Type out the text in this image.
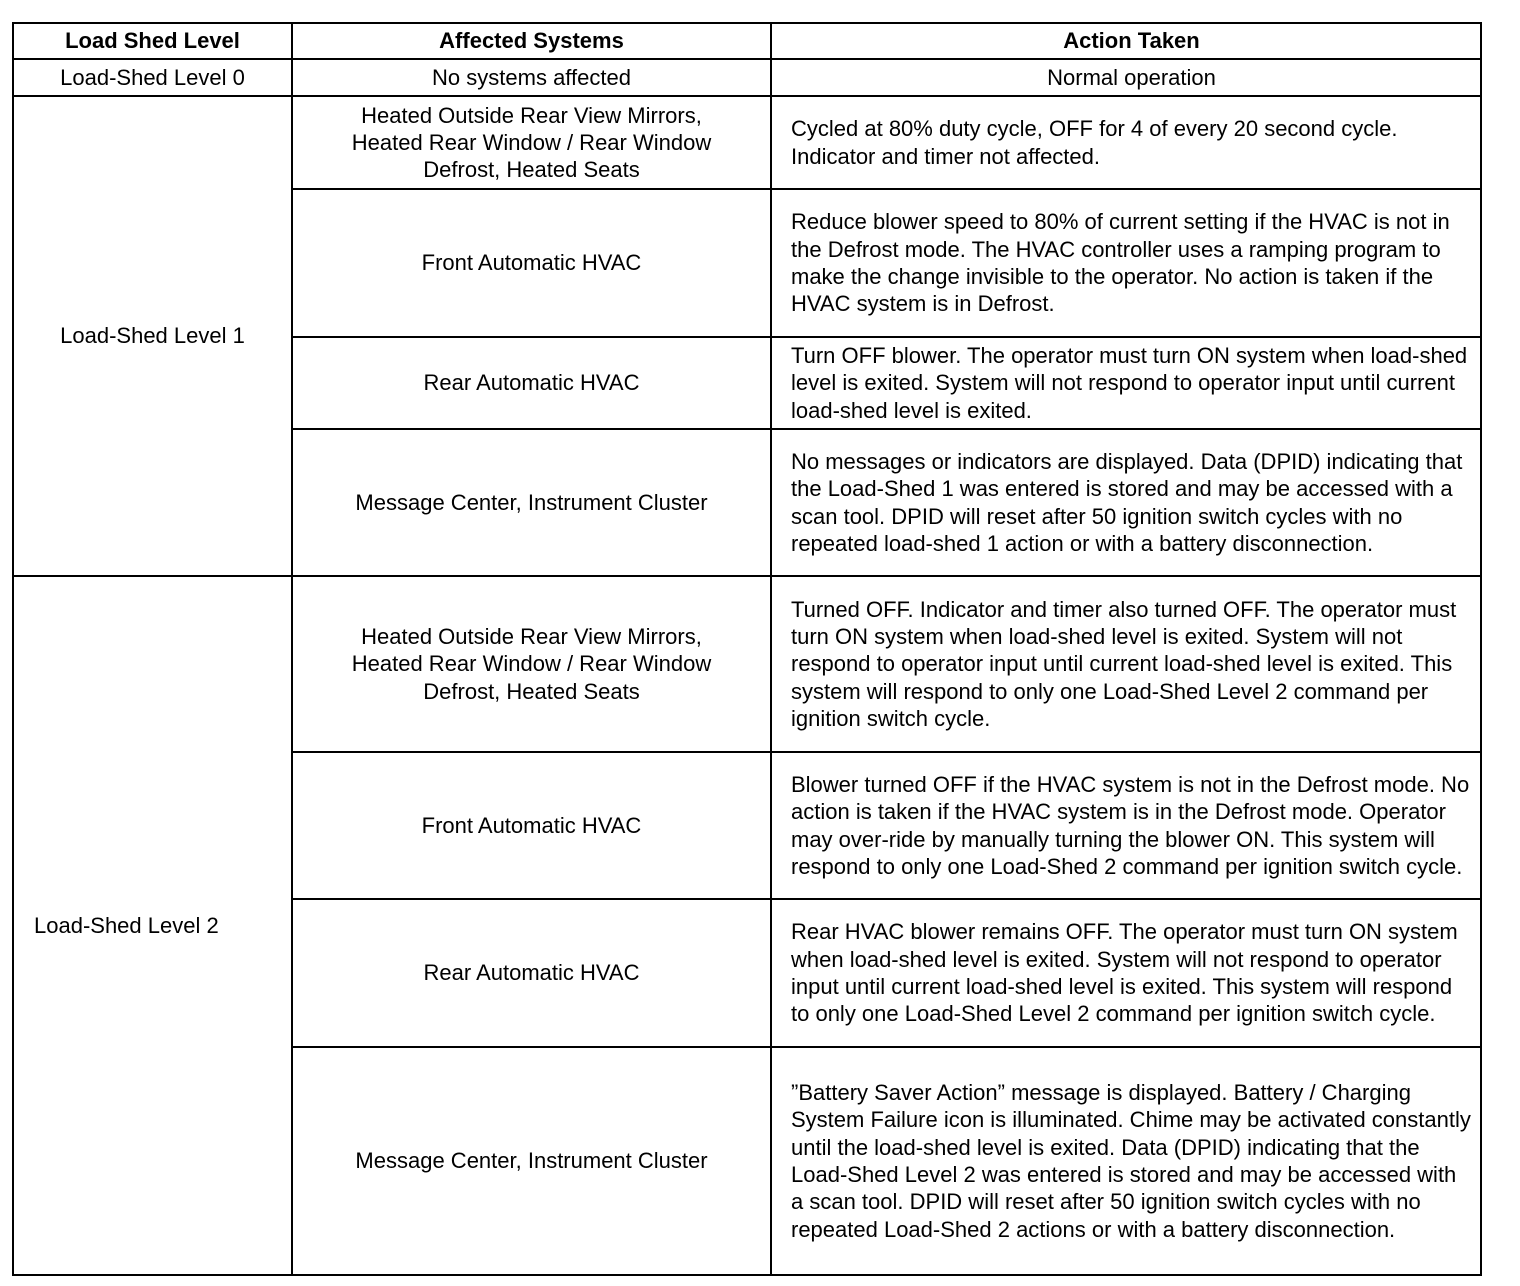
Load Shed Level	Affected Systems	Action Taken
Load-Shed Level 0	No systems affected	Normal operation
Load-Shed Level 1	Heated Outside Rear View Mirrors, Heated Rear Window / Rear Window Defrost, Heated Seats	Cycled at 80% duty cycle, OFF for 4 of every 20 second cycle. Indicator and timer not affected.
	Front Automatic HVAC	Reduce blower speed to 80% of current setting if the HVAC is not in the Defrost mode. The HVAC controller uses a ramping program to make the change invisible to the operator. No action is taken if the HVAC system is in Defrost.
	Rear Automatic HVAC	Turn OFF blower. The operator must turn ON system when load-shed level is exited. System will not respond to operator input until current load-shed level is exited.
	Message Center, Instrument Cluster	No messages or indicators are displayed. Data (DPID) indicating that the Load-Shed 1 was entered is stored and may be accessed with a scan tool. DPID will reset after 50 ignition switch cycles with no repeated load-shed 1 action or with a battery disconnection.
Load-Shed Level 2	Heated Outside Rear View Mirrors, Heated Rear Window / Rear Window Defrost, Heated Seats	Turned OFF. Indicator and timer also turned OFF. The operator must turn ON system when load-shed level is exited. System will not respond to operator input until current load-shed level is exited. This system will respond to only one Load-Shed Level 2 command per ignition switch cycle.
	Front Automatic HVAC	Blower turned OFF if the HVAC system is not in the Defrost mode. No action is taken if the HVAC system is in the Defrost mode. Operator may over-ride by manually turning the blower ON. This system will respond to only one Load-Shed 2 command per ignition switch cycle.
	Rear Automatic HVAC	Rear HVAC blower remains OFF. The operator must turn ON system when load-shed level is exited. System will not respond to operator input until current load-shed level is exited. This system will respond to only one Load-Shed Level 2 command per ignition switch cycle.
	Message Center, Instrument Cluster	”Battery Saver Action” message is displayed. Battery / Charging System Failure icon is illuminated. Chime may be activated constantly until the load-shed level is exited. Data (DPID) indicating that the Load-Shed Level 2 was entered is stored and may be accessed with a scan tool. DPID will reset after 50 ignition switch cycles with no repeated Load-Shed 2 actions or with a battery disconnection.
